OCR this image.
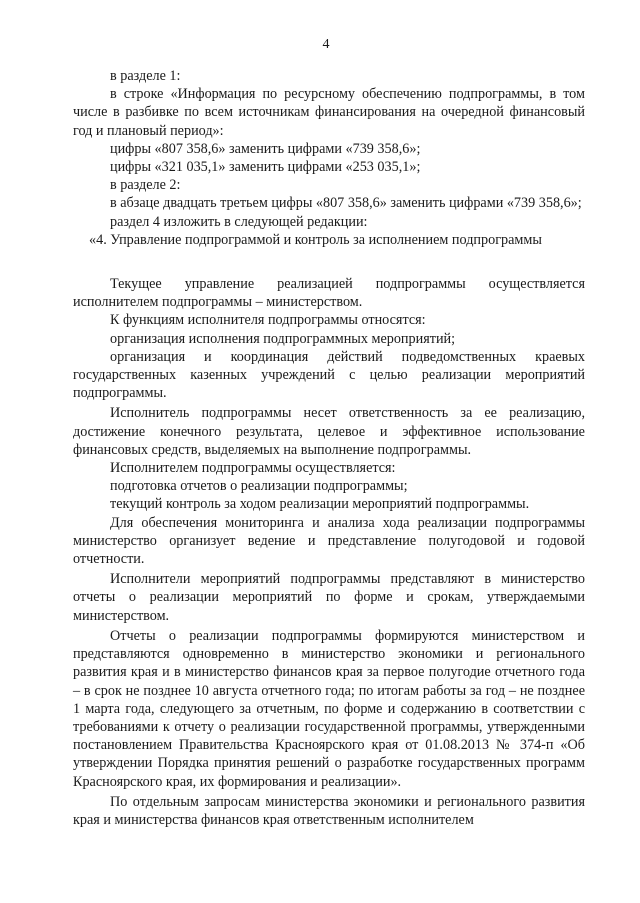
4

в разделе 1:

в строке «Информация по ресурсному обеспечению подпрограммы, в том числе в разбивке по всем источникам финансирования на очередной финансовый год и плановый период»:

цифры «807 358,6» заменить цифрами «739 358,6»;

цифры «321 035,1» заменить цифрами «253 035,1»;

в разделе 2:

в абзаце двадцать третьем цифры «807 358,6» заменить цифрами «739 358,6»;

раздел 4 изложить в следующей редакции:

«4. Управление подпрограммой и контроль за исполнением подпрограммы

Текущее управление реализацией подпрограммы осуществляется исполнителем подпрограммы – министерством.

К функциям исполнителя подпрограммы относятся:

организация исполнения подпрограммных мероприятий;

организация и координация действий подведомственных краевых государственных казенных учреждений с целью реализации мероприятий подпрограммы.

Исполнитель подпрограммы несет ответственность за ее реализацию, достижение конечного результата, целевое и эффективное использование финансовых средств, выделяемых на выполнение подпрограммы.

Исполнителем подпрограммы осуществляется:

подготовка отчетов о реализации подпрограммы;

текущий контроль за ходом реализации мероприятий подпрограммы.

Для обеспечения мониторинга и анализа хода реализации подпрограммы министерство организует ведение и представление полугодовой и годовой отчетности.

Исполнители мероприятий подпрограммы представляют в министерство отчеты о реализации мероприятий по форме и срокам, утверждаемыми министерством.

Отчеты о реализации подпрограммы формируются министерством и представляются одновременно в министерство экономики и регионального развития края и в министерство финансов края за первое полугодие отчетного года – в срок не позднее 10 августа отчетного года; по итогам работы за год – не позднее 1 марта года, следующего за отчетным, по форме и содержанию в соответствии с требованиями к отчету о реализации государственной программы, утвержденными постановлением Правительства Красноярского края от 01.08.2013 № 374-п «Об утверждении Порядка принятия решений о разработке государственных программ Красноярского края, их формирования и реализации».

По отдельным запросам министерства экономики и регионального развития края и министерства финансов края ответственным исполнителем
